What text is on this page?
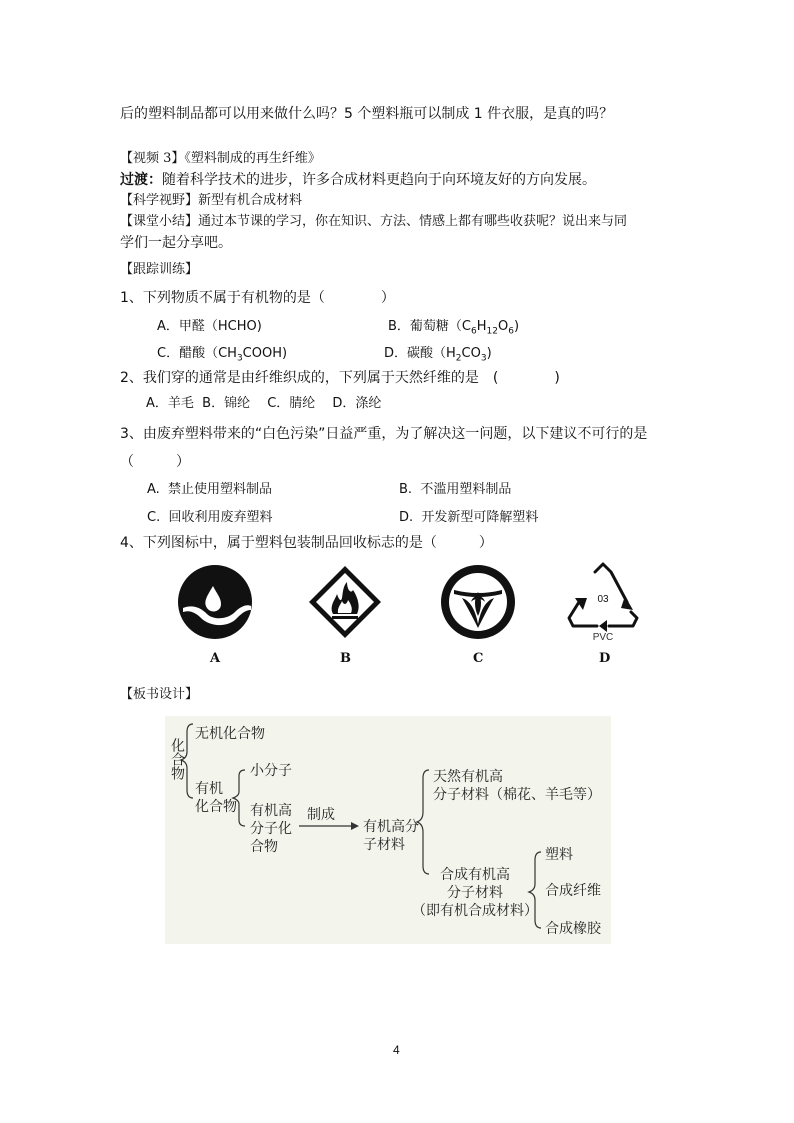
后的塑料制品都可以用来做什么吗？5 个塑料瓶可以制成 1 件衣服，是真的吗？
【视频 3】《塑料制成的再生纤维》
过渡：随着科学技术的进步，许多合成材料更趋向于向环境友好的方向发展。
【科学视野】新型有机合成材料
【课堂小结】通过本节课的学习，你在知识、方法、情感上都有哪些收获呢？说出来与同
学们一起分享吧。
【跟踪训练】
1、下列物质不属于有机物的是（　　　　）
A．甲醛（HCHO)	B．葡萄糖$(C_6H_{12}O_6)$
C．醋酸$(CH_3COOH)$	D．碳酸$(H_2CO_3)$
2、我们穿的通常是由纤维织成的，下列属于天然纤维的是　(　　　　)
A．羊毛  B．锦纶　 C．腈纶　 D．涤纶
3、由废弃塑料带来的“白色污染”日益严重，为了解决这一问题，以下建议不可行的是
（　　　）
A.  禁止使用塑料制品	B.  不滥用塑料制品
C.  回收利用废弃塑料	D.  开发新型可降解塑料
4、下列图标中，属于塑料包装制品回收标志的是（　　　）
A	B	C
03
PVC
D
【板书设计】
化合物
无机化合物
有机
化合物
小分子
有机高
分子化
合物
制成
有机高分
子材料
天然有机高
分子材料（棉花、羊毛等）
合成有机高
分子材料
（即有机合成材料）
塑料
合成纤维
合成橡胶
4
